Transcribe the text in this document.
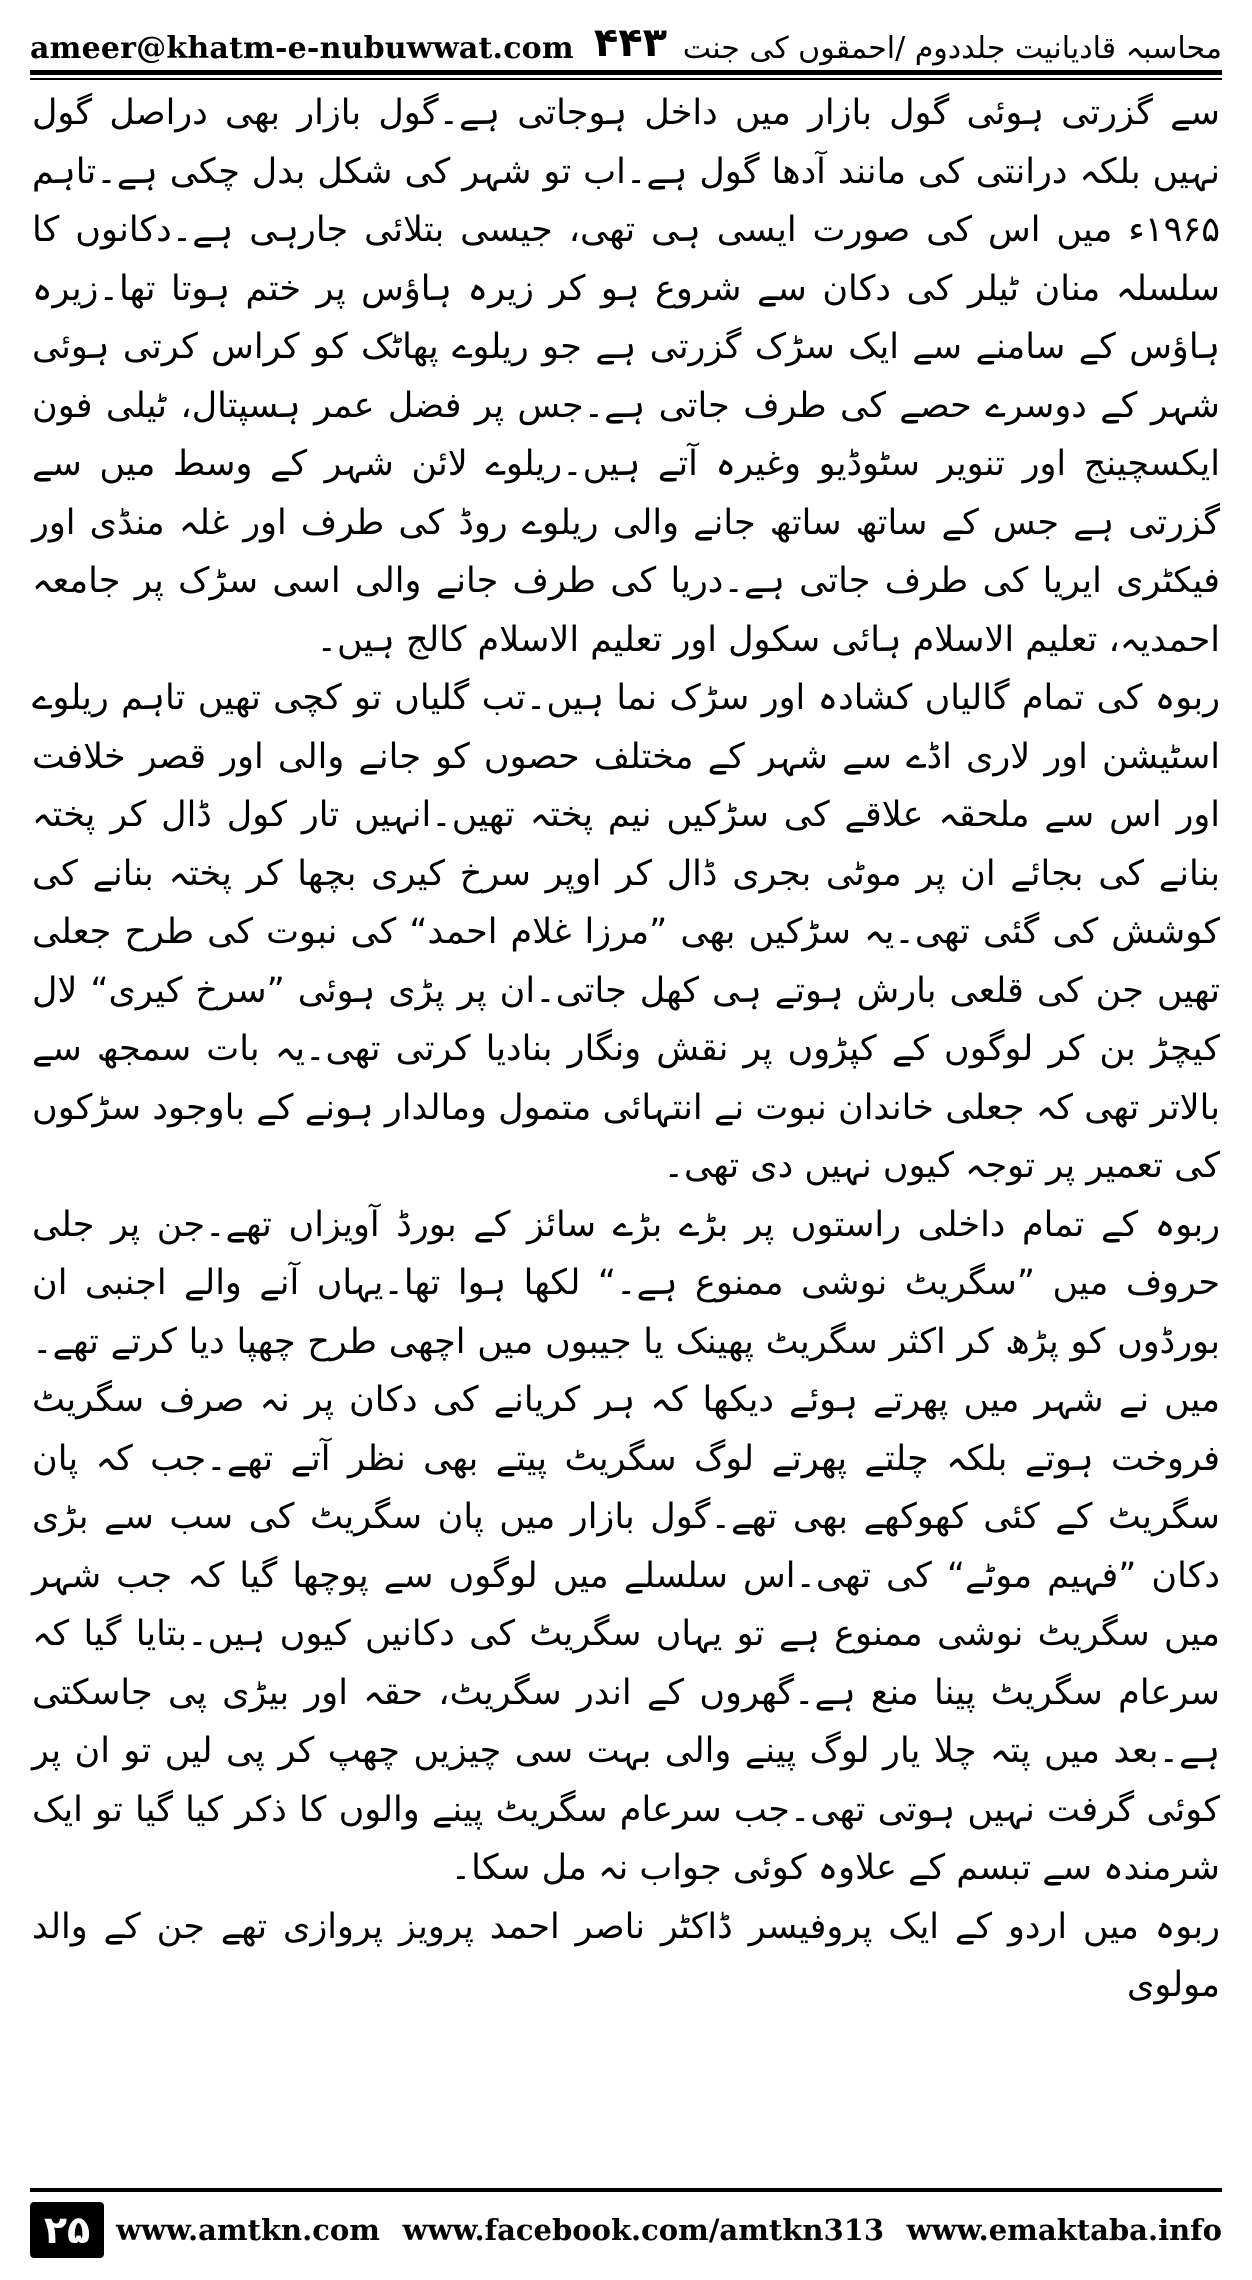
ameer@khatm-e-nubuwwat.com ۴۴۳ محاسبہ قادیانیت جلددوم /احمقوں کی جنت

سے گزرتی ہوئی گول بازار میں داخل ہوجاتی ہے۔گول بازار بھی دراصل گول نہیں بلکہ درانتی کی مانند آدھا گول ہے۔اب تو شہر کی شکل بدل چکی ہے۔تاہم ۱۹۶۵ء میں اس کی صورت ایسی ہی تھی، جیسی بتلائی جارہی ہے۔دکانوں کا سلسلہ منان ٹیلر کی دکان سے شروع ہو کر زیرہ ہاؤس پر ختم ہوتا تھا۔زیرہ ہاؤس کے سامنے سے ایک سڑک گزرتی ہے جو ریلوے پھاٹک کو کراس کرتی ہوئی شہر کے دوسرے حصے کی طرف جاتی ہے۔جس پر فضل عمر ہسپتال، ٹیلی فون ایکسچینج اور تنویر سٹوڈیو وغیرہ آتے ہیں۔ریلوے لائن شہر کے وسط میں سے گزرتی ہے جس کے ساتھ ساتھ جانے والی ریلوے روڈ کی طرف اور غلہ منڈی اور فیکٹری ایریا کی طرف جاتی ہے۔دریا کی طرف جانے والی اسی سڑک پر جامعہ احمدیہ، تعلیم الاسلام ہائی سکول اور تعلیم الاسلام کالج ہیں۔

ربوہ کی تمام گالیاں کشادہ اور سڑک نما ہیں۔تب گلیاں تو کچی تھیں تاہم ریلوے اسٹیشن اور لاری اڈے سے شہر کے مختلف حصوں کو جانے والی اور قصر خلافت اور اس سے ملحقہ علاقے کی سڑکیں نیم پختہ تھیں۔انہیں تار کول ڈال کر پختہ بنانے کی بجائے ان پر موٹی بجری ڈال کر اوپر سرخ کیری بچھا کر پختہ بنانے کی کوشش کی گئی تھی۔یہ سڑکیں بھی ”مرزا غلام احمد“ کی نبوت کی طرح جعلی تھیں جن کی قلعی بارش ہوتے ہی کھل جاتی۔ان پر پڑی ہوئی ”سرخ کیری“ لال کیچڑ بن کر لوگوں کے کپڑوں پر نقش ونگار بنادیا کرتی تھی۔یہ بات سمجھ سے بالاتر تھی کہ جعلی خاندان نبوت نے انتہائی متمول ومالدار ہونے کے باوجود سڑکوں کی تعمیر پر توجہ کیوں نہیں دی تھی۔

ربوہ کے تمام داخلی راستوں پر بڑے بڑے سائز کے بورڈ آویزاں تھے۔جن پر جلی حروف میں ”سگریٹ نوشی ممنوع ہے۔“ لکھا ہوا تھا۔یہاں آنے والے اجنبی ان بورڈوں کو پڑھ کر اکثر سگریٹ پھینک یا جیبوں میں اچھی طرح چھپا دیا کرتے تھے۔میں نے شہر میں پھرتے ہوئے دیکھا کہ ہر کریانے کی دکان پر نہ صرف سگریٹ فروخت ہوتے بلکہ چلتے پھرتے لوگ سگریٹ پیتے بھی نظر آتے تھے۔جب کہ پان سگریٹ کے کئی کھوکھے بھی تھے۔گول بازار میں پان سگریٹ کی سب سے بڑی دکان ”فہیم موٹے“ کی تھی۔اس سلسلے میں لوگوں سے پوچھا گیا کہ جب شہر میں سگریٹ نوشی ممنوع ہے تو یہاں سگریٹ کی دکانیں کیوں ہیں۔بتایا گیا کہ سرعام سگریٹ پینا منع ہے۔گھروں کے اندر سگریٹ، حقہ اور بیڑی پی جاسکتی ہے۔بعد میں پتہ چلا یار لوگ پینے والی بہت سی چیزیں چھپ کر پی لیں تو ان پر کوئی گرفت نہیں ہوتی تھی۔جب سرعام سگریٹ پینے والوں کا ذکر کیا گیا تو ایک شرمندہ سے تبسم کے علاوہ کوئی جواب نہ مل سکا۔

ربوہ میں اردو کے ایک پروفیسر ڈاکٹر ناصر احمد پرویز پروازی تھے جن کے والد مولوی

۲۵ www.amtkn.com www.facebook.com/amtkn313 www.emaktaba.info
